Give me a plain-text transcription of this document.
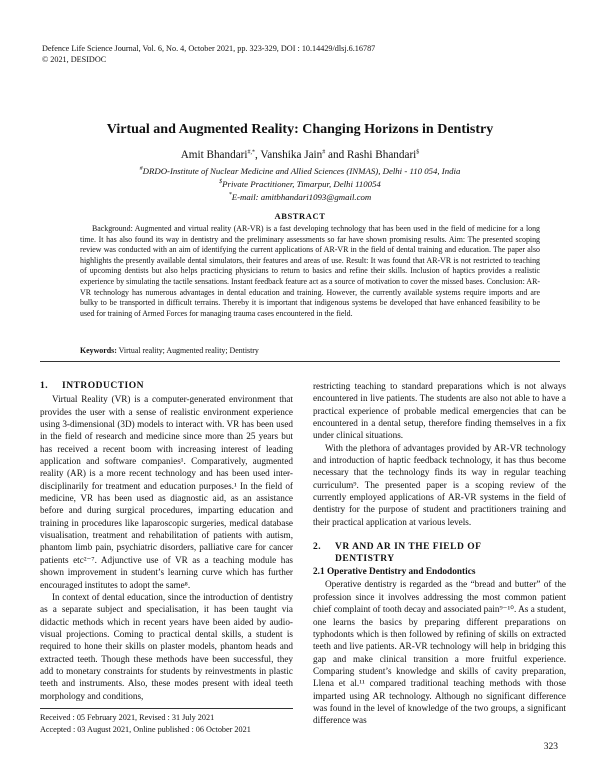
Defence Life Science Journal, Vol. 6, No. 4, October 2021, pp. 323-329, DOI : 10.14429/dlsj.6.16787
© 2021, DESIDOC
Virtual and Augmented Reality: Changing Horizons in Dentistry
Amit Bhandari#,*, Vanshika Jain# and Rashi Bhandari$
#DRDO-Institute of Nuclear Medicine and Allied Sciences (INMAS), Delhi - 110 054, India
$Private Practitioner, Timarpur, Delhi 110054
*E-mail: amitbhandari1093@gmail.com
ABSTRACT

Background: Augmented and virtual reality (AR-VR) is a fast developing technology that has been used in the field of medicine for a long time. It has also found its way in dentistry and the preliminary assessments so far have shown promising results. Aim: The presented scoping review was conducted with an aim of identifying the current applications of AR-VR in the field of dental training and education. The paper also highlights the presently available dental simulators, their features and areas of use. Result: It was found that AR-VR is not restricted to teaching of upcoming dentists but also helps practicing physicians to return to basics and refine their skills. Inclusion of haptics provides a realistic experience by simulating the tactile sensations. Instant feedback feature act as a source of motivation to cover the missed bases. Conclusion: AR-VR technology has numerous advantages in dental education and training. However, the currently available systems require imports and are bulky to be transported in difficult terrains. Thereby it is important that indigenous systems be developed that have enhanced feasibility to be used for training of Armed Forces for managing trauma cases encountered in the field.

Keywords: Virtual reality; Augmented reality; Dentistry

1. INTRODUCTION

Virtual Reality (VR) is a computer-generated environment that provides the user with a sense of realistic environment experience using 3-dimensional (3D) models to interact with. VR has been used in the field of research and medicine since more than 25 years but has received a recent boom with increasing interest of leading application and software companies¹. Comparatively, augmented reality (AR) is a more recent technology and has been used inter-disciplinarily for treatment and education purposes.¹ In the field of medicine, VR has been used as diagnostic aid, as an assistance before and during surgical procedures, imparting education and training in procedures like laparoscopic surgeries, medical database visualisation, treatment and rehabilitation of patients with autism, phantom limb pain, psychiatric disorders, palliative care for cancer patients etc²⁻⁷. Adjunctive use of VR as a teaching module has shown improvement in student’s learning curve which has further encouraged institutes to adopt the same⁸.

In context of dental education, since the introduction of dentistry as a separate subject and specialisation, it has been taught via didactic methods which in recent years have been aided by audio-visual projections. Coming to practical dental skills, a student is required to hone their skills on plaster models, phantom heads and extracted teeth. Though these methods have been successful, they add to monetary constraints for students by reinvestments in plastic teeth and instruments. Also, these modes present with ideal teeth morphology and conditions,

Received : 05 February 2021, Revised : 31 July 2021
Accepted : 03 August 2021, Online published : 06 October 2021

restricting teaching to standard preparations which is not always encountered in live patients. The students are also not able to have a practical experience of probable medical emergencies that can be encountered in a dental setup, therefore finding themselves in a fix under clinical situations.

With the plethora of advantages provided by AR-VR technology and introduction of haptic feedback technology, it has thus become necessary that the technology finds its way in regular teaching curriculum⁹. The presented paper is a scoping review of the currently employed applications of AR-VR systems in the field of dentistry for the purpose of student and practitioners training and their practical application at various levels.

2. VR AND AR IN THE FIELD OF
DENTISTRY
2.1 Operative Dentistry and Endodontics

Operative dentistry is regarded as the “bread and butter” of the profession since it involves addressing the most common patient chief complaint of tooth decay and associated pain⁹⁻¹⁰. As a student, one learns the basics by preparing different preparations on typhodonts which is then followed by refining of skills on extracted teeth and live patients. AR-VR technology will help in bridging this gap and make clinical transition a more fruitful experience. Comparing student’s knowledge and skills of cavity preparation, Llena et al.¹¹ compared traditional teaching methods with those imparted using AR technology. Although no significant difference was found in the level of knowledge of the two groups, a significant difference was

323
